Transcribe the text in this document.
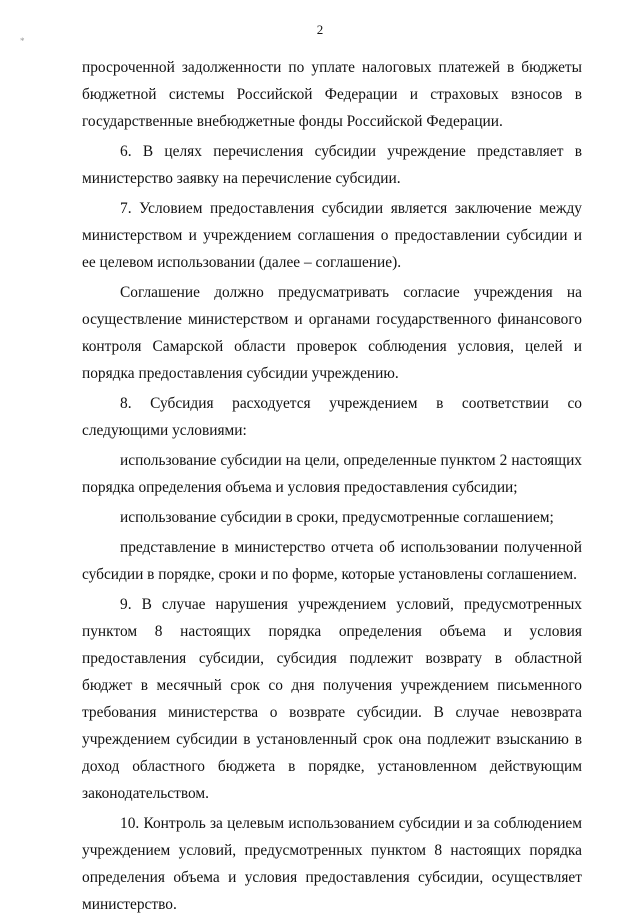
2
*

просроченной задолженности по уплате налоговых платежей в бюджеты бюджетной системы Российской Федерации и страховых взносов в государственные внебюджетные фонды Российской Федерации.

6. В целях перечисления субсидии учреждение представляет в министерство заявку на перечисление субсидии.

7. Условием предоставления субсидии является заключение между министерством и учреждением соглашения о предоставлении субсидии и ее целевом использовании (далее – соглашение).

Соглашение должно предусматривать согласие учреждения на осуществление министерством и органами государственного финансового контроля Самарской области проверок соблюдения условия, целей и порядка предоставления субсидии учреждению.

8. Субсидия расходуется учреждением в соответствии со следующими условиями:

использование субсидии на цели, определенные пунктом 2 настоящих порядка определения объема и условия предоставления субсидии;

использование субсидии в сроки, предусмотренные соглашением;

представление в министерство отчета об использовании полученной субсидии в порядке, сроки и по форме, которые установлены соглашением.

9. В случае нарушения учреждением условий, предусмотренных пунктом 8 настоящих порядка определения объема и условия предоставления субсидии, субсидия подлежит возврату в областной бюджет в месячный срок со дня получения учреждением письменного требования министерства о возврате субсидии. В случае невозврата учреждением субсидии в установленный срок она подлежит взысканию в доход областного бюджета в порядке, установленном действующим законодательством.

10. Контроль за целевым использованием субсидии и за соблюдением учреждением условий, предусмотренных пунктом 8 настоящих порядка определения объема и условия предоставления субсидии, осуществляет министерство.
